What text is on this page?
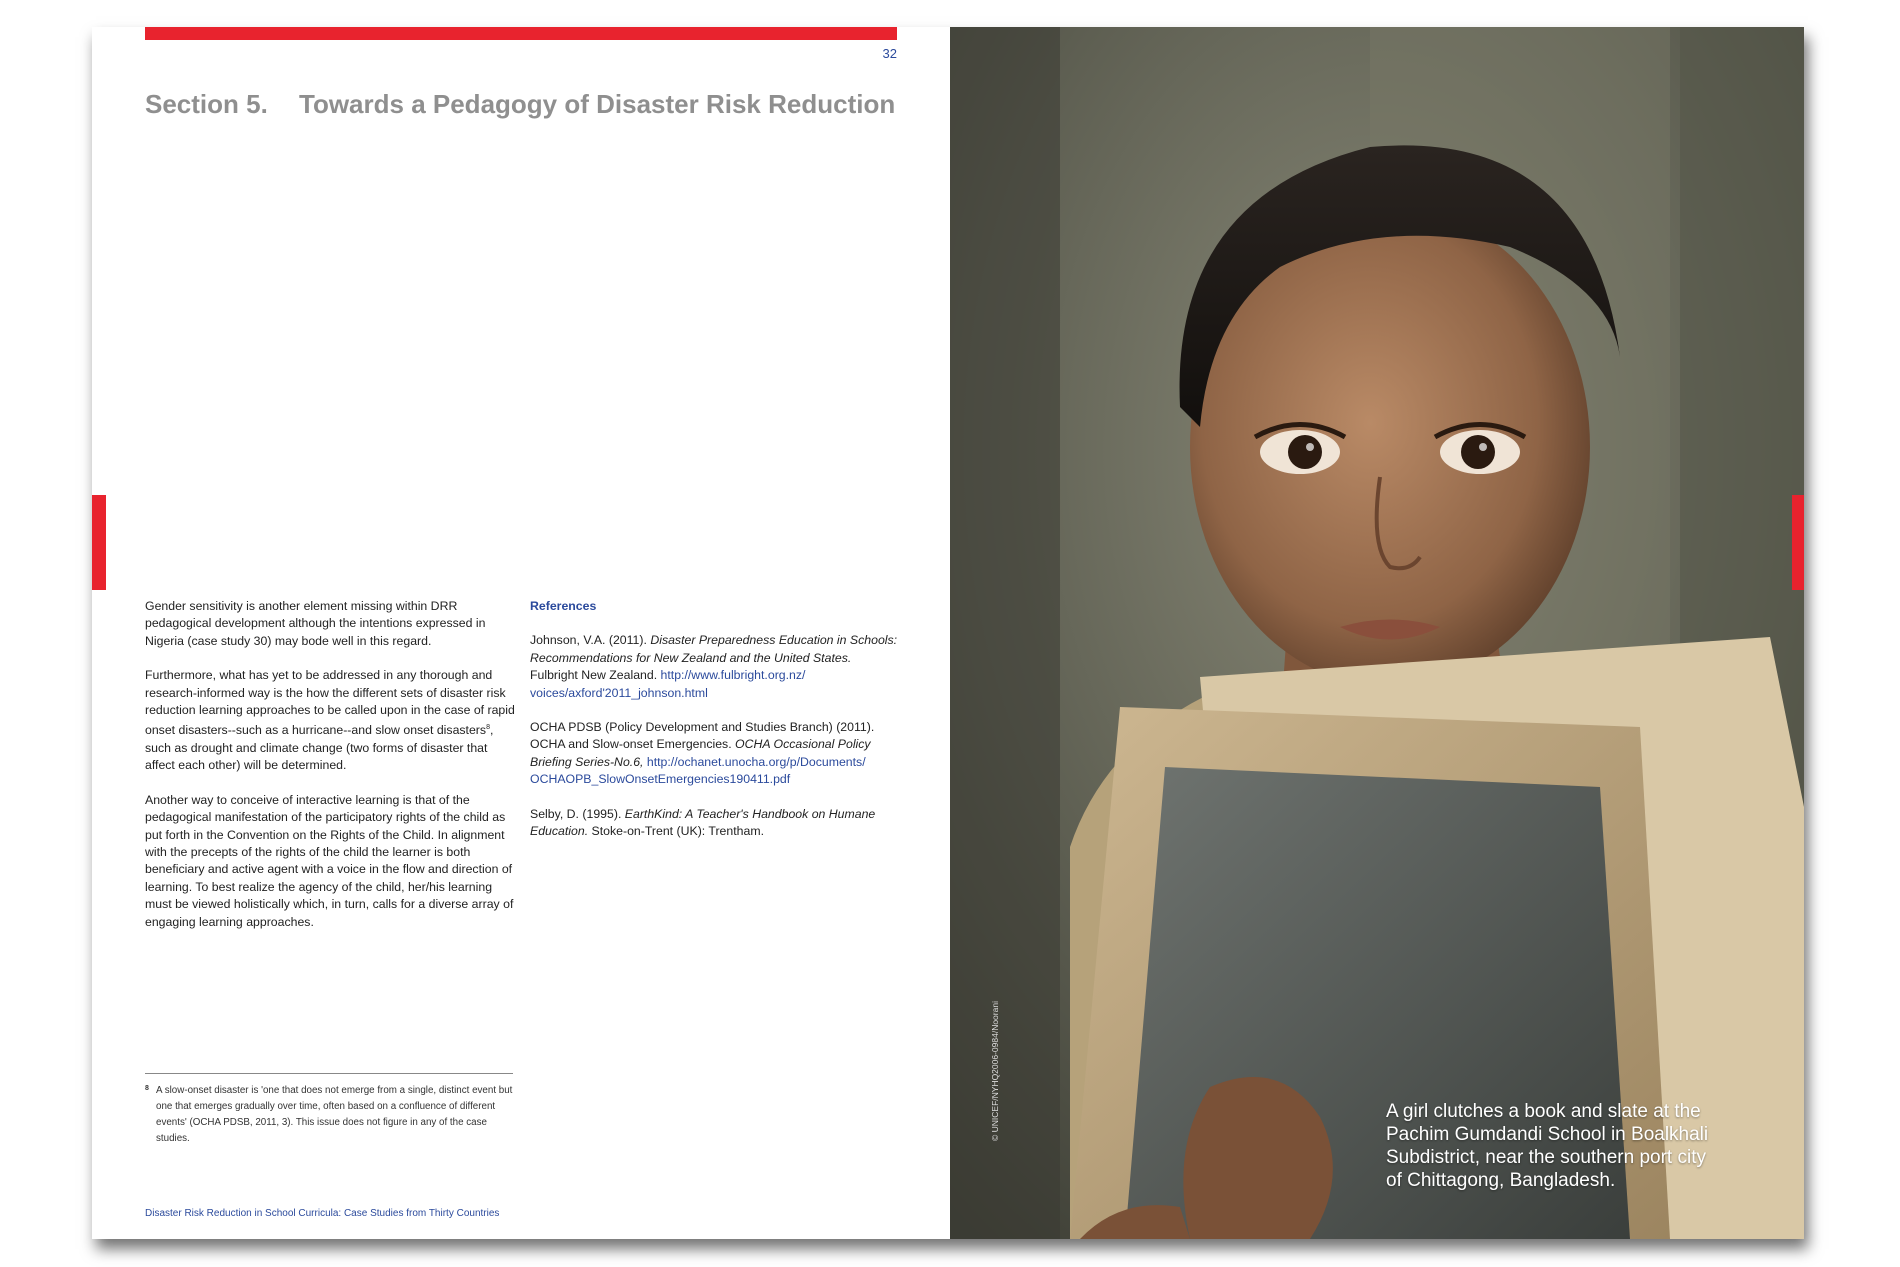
32
Section 5. Towards a Pedagogy of Disaster Risk Reduction

Gender sensitivity is another element missing within DRR pedagogical development although the intentions expressed in Nigeria (case study 30) may bode well in this regard.

Furthermore, what has yet to be addressed in any thorough and research-informed way is the how the different sets of disaster risk reduction learning approaches to be called upon in the case of rapid onset disasters--such as a hurricane--and slow onset disasters$^8$, such as drought and climate change (two forms of disaster that affect each other) will be determined.

Another way to conceive of interactive learning is that of the pedagogical manifestation of the participatory rights of the child as put forth in the Convention on the Rights of the Child. In alignment with the precepts of the rights of the child the learner is both beneficiary and active agent with a voice in the flow and direction of learning. To best realize the agency of the child, her/his learning must be viewed holistically which, in turn, calls for a diverse array of engaging learning approaches.

References

Johnson, V.A. (2011). Disaster Preparedness Education in Schools: Recommendations for New Zealand and the United States. Fulbright New Zealand. http://www.fulbright.org.nz/ voices/axford'2011_johnson.html

OCHA PDSB (Policy Development and Studies Branch) (2011). OCHA and Slow-onset Emergencies. OCHA Occasional Policy Briefing Series-No.6, http://ochanet.unocha.org/p/Documents/ OCHAOPB_SlowOnsetEmergencies190411.pdf

Selby, D. (1995). EarthKind: A Teacher's Handbook on Humane Education. Stoke-on-Trent (UK): Trentham.

8 A slow-onset disaster is 'one that does not emerge from a single, distinct event but one that emerges gradually over time, often based on a confluence of different events' (OCHA PDSB, 2011, 3). This issue does not figure in any of the case studies.
Disaster Risk Reduction in School Curricula: Case Studies from Thirty Countries
© UNICEF/NYHQ2006-0984/Noorani	A girl clutches a book and slate at the Pachim Gumdandi School in Boalkhali Subdistrict, near the southern port city of Chittagong, Bangladesh.
